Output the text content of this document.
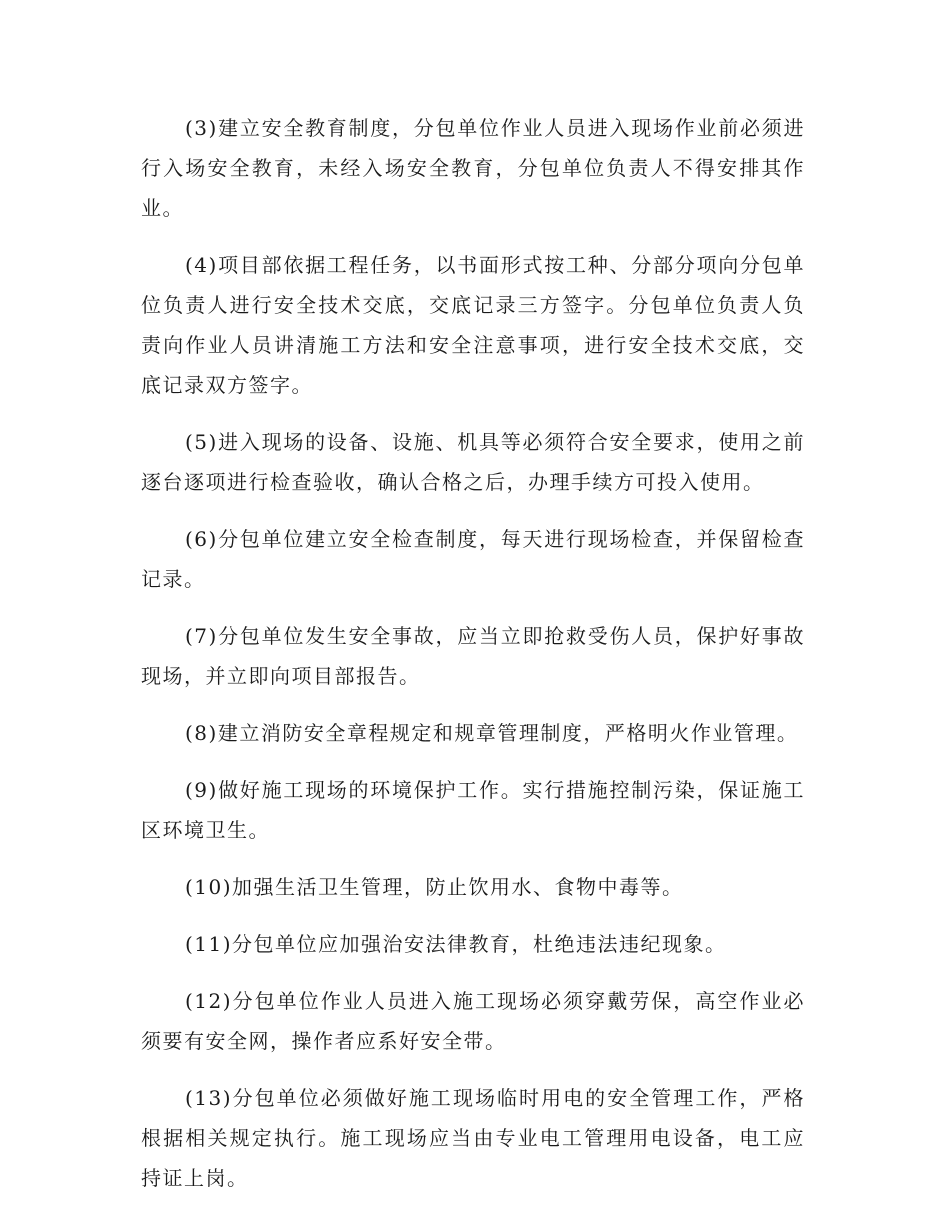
(3)建立安全教育制度，分包单位作业人员进入现场作业前必须进行入场安全教育，未经入场安全教育，分包单位负责人不得安排其作业。

(4)项目部依据工程任务，以书面形式按工种、分部分项向分包单位负责人进行安全技术交底，交底记录三方签字。分包单位负责人负责向作业人员讲清施工方法和安全注意事项，进行安全技术交底，交底记录双方签字。

(5)进入现场的设备、设施、机具等必须符合安全要求，使用之前逐台逐项进行检查验收，确认合格之后，办理手续方可投入使用。

(6)分包单位建立安全检查制度，每天进行现场检查，并保留检查记录。

(7)分包单位发生安全事故，应当立即抢救受伤人员，保护好事故现场，并立即向项目部报告。

(8)建立消防安全章程规定和规章管理制度，严格明火作业管理。

(9)做好施工现场的环境保护工作。实行措施控制污染，保证施工区环境卫生。

(10)加强生活卫生管理，防止饮用水、食物中毒等。

(11)分包单位应加强治安法律教育，杜绝违法违纪现象。

(12)分包单位作业人员进入施工现场必须穿戴劳保，高空作业必须要有安全网，操作者应系好安全带。

(13)分包单位必须做好施工现场临时用电的安全管理工作，严格根据相关规定执行。施工现场应当由专业电工管理用电设备，电工应持证上岗。
